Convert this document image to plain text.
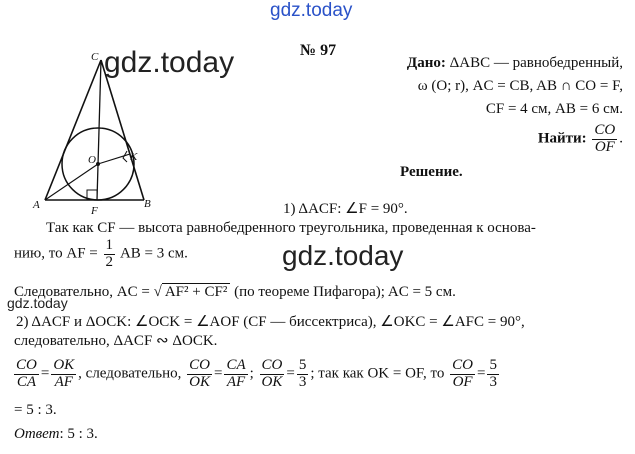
gdz.today
gdz.today
gdz.today
gdz.today
C
O	K
A	F
B
№ 97
Дано: ΔABC — равнобедренный,
ω (O; r), AC = CB, AB ∩ CO = F,
CF = 4 см, AB = 6 см.
Найти: $\frac{CO}{OF}$ .
Решение.
1) ΔACF: ∠F = 90°.
Так как CF — высота равнобедренного треугольника, проведенная к основа-
нию, то AF = $\frac{1}{2}$ AB = 3 см.
Следовательно, AC = √ AF² + CF² (по теореме Пифагора); AC = 5 см.
2) ΔACF и ΔOCK: ∠OCK = ∠AOF (CF — биссектриса), ∠OKC = ∠AFC = 90°,
следовательно, ΔACF ∾ ΔOCK.
$\frac{CO}{CA} = \frac{OK}{AF}$ , следовательно, $\frac{CO}{OK} = \frac{CA}{AF}$ ; $\frac{CO}{OK} = \frac{5}{3}$ ; так как OK = OF, то $\frac{CO}{OF} = \frac{5}{3}$
= 5 : 3.
Ответ: 5 : 3.
